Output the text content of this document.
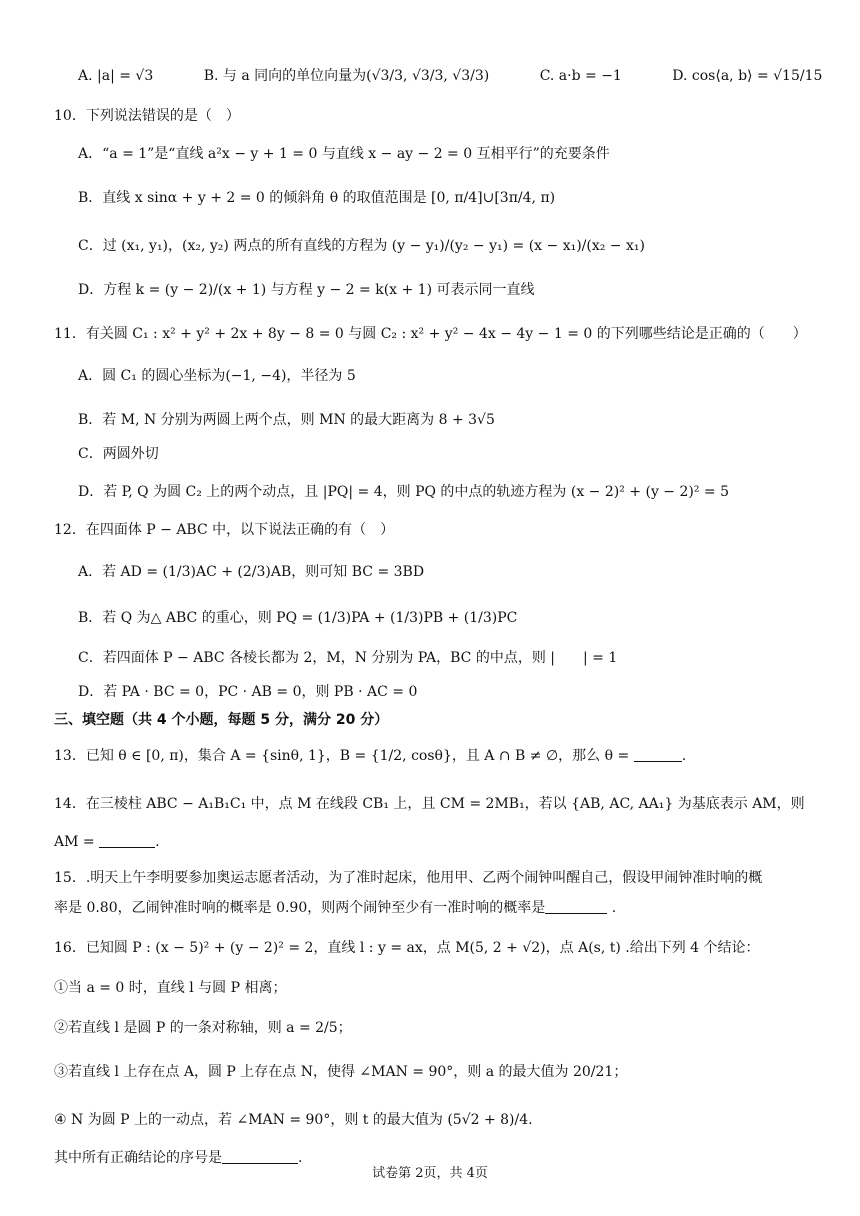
A. |a| = √3	B. 与 a 同向的单位向量为(√3/3, √3/3, √3/3)	C. a·b = −1	D. cos⟨a, b⟩ = √15/15
10．下列说法错误的是（　）
A．“a = 1”是“直线 a²x − y + 1 = 0 与直线 x − ay − 2 = 0 互相平行”的充要条件
B．直线 x sinα + y + 2 = 0 的倾斜角 θ 的取值范围是 [0, π/4]∪[3π/4, π)
C．过 (x₁, y₁)，(x₂, y₂) 两点的所有直线的方程为 (y − y₁)/(y₂ − y₁) = (x − x₁)/(x₂ − x₁)
D．方程 k = (y − 2)/(x + 1) 与方程 y − 2 = k(x + 1) 可表示同一直线
11．有关圆 C₁ : x² + y² + 2x + 8y − 8 = 0 与圆 C₂ : x² + y² − 4x − 4y − 1 = 0 的下列哪些结论是正确的（　　）
A．圆 C₁ 的圆心坐标为(−1, −4)，半径为 5
B．若 M, N 分别为两圆上两个点，则 MN 的最大距离为 8 + 3√5
C．两圆外切
D．若 P, Q 为圆 C₂ 上的两个动点，且 |PQ| = 4，则 PQ 的中点的轨迹方程为 (x − 2)² + (y − 2)² = 5
12．在四面体 P − ABC 中，以下说法正确的有（　）
A．若 AD = (1/3)AC + (2/3)AB，则可知 BC = 3BD
B．若 Q 为△ ABC 的重心，则 PQ = (1/3)PA + (1/3)PB + (1/3)PC
C．若四面体 P − ABC 各棱长都为 2，M，N 分别为 PA，BC 的中点，则 | | = 1
D．若 PA · BC = 0，PC · AB = 0，则 PB · AC = 0
三、填空题（共 4 个小题，每题 5 分，满分 20 分）
13．已知 θ ∈ [0, π)，集合 A = {sinθ, 1}，B = {1/2, cosθ}，且 A ∩ B ≠ ∅，那么 θ =	.
14．在三棱柱 ABC − A₁B₁C₁ 中，点 M 在线段 CB₁ 上，且 CM = 2MB₁，若以 {AB, AC, AA₁} 为基底表示 AM，则
AM =	.
15．.明天上午李明要参加奥运志愿者活动，为了准时起床，他用甲、乙两个闹钟叫醒自己，假设甲闹钟准时响的概
率是 0.80，乙闹钟准时响的概率是 0.90，则两个闹钟至少有一准时响的概率是	.
16．已知圆 P : (x − 5)² + (y − 2)² = 2，直线 l : y = ax，点 M(5, 2 + √2)，点 A(s, t) .给出下列 4 个结论：
①当 a = 0 时，直线 l 与圆 P 相离；
②若直线 l 是圆 P 的一条对称轴，则 a = 2/5；
③若直线 l 上存在点 A，圆 P 上存在点 N，使得 ∠MAN = 90°，则 a 的最大值为 20/21；
④ N 为圆 P 上的一动点，若 ∠MAN = 90°，则 t 的最大值为 (5√2 + 8)/4.
其中所有正确结论的序号是	.
试卷第 2页，共 4页
